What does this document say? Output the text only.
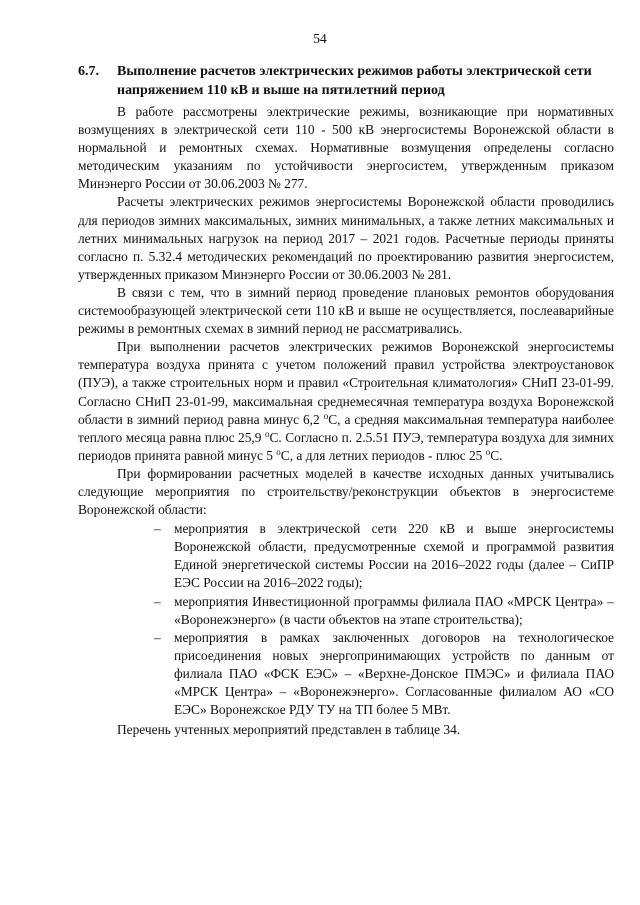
54
6.7. Выполнение расчетов электрических режимов работы электрической сети напряжением 110 кВ и выше на пятилетний период

В работе рассмотрены электрические режимы, возникающие при нормативных возмущениях в электрической сети 110 - 500 кВ энергосистемы Воронежской области в нормальной и ремонтных схемах. Нормативные возмущения определены согласно методическим указаниям по устойчивости энергосистем, утвержденным приказом Минэнерго России от 30.06.2003 № 277.

Расчеты электрических режимов энергосистемы Воронежской области проводились для периодов зимних максимальных, зимних минимальных, а также летних максимальных и летних минимальных нагрузок на период 2017 – 2021 годов. Расчетные периоды приняты согласно п. 5.32.4 методических рекомендаций по проектированию развития энергосистем, утвержденных приказом Минэнерго России от 30.06.2003 № 281.

В связи с тем, что в зимний период проведение плановых ремонтов оборудования системообразующей электрической сети 110 кВ и выше не осуществляется, послеаварийные режимы в ремонтных схемах в зимний период не рассматривались.

При выполнении расчетов электрических режимов Воронежской энергосистемы температура воздуха принята с учетом положений правил устройства электроустановок (ПУЭ), а также строительных норм и правил «Строительная климатология» СНиП 23-01-99. Согласно СНиП 23-01-99, максимальная среднемесячная температура воздуха Воронежской области в зимний период равна минус 6,2 $^o$C, а средняя максимальная температура наиболее теплого месяца равна плюс 25,9 $^o$C. Согласно п. 2.5.51 ПУЭ, температура воздуха для зимних периодов принята равной минус 5 $^o$C, а для летних периодов - плюс 25 $^o$C.

При формировании расчетных моделей в качестве исходных данных учитывались следующие мероприятия по строительству/реконструкции объектов в энергосистеме Воронежской области:

– мероприятия в электрической сети 220 кВ и выше энергосистемы Воронежской области, предусмотренные схемой и программой развития Единой энергетической системы России на 2016–2022 годы (далее – СиПР ЕЭС России на 2016–2022 годы);
– мероприятия Инвестиционной программы филиала ПАО «МРСК Центра» – «Воронежэнерго» (в части объектов на этапе строительства);
– мероприятия в рамках заключенных договоров на технологическое присоединения новых энергопринимающих устройств по данным от филиала ПАО «ФСК ЕЭС» – «Верхне-Донское ПМЭС» и филиала ПАО «МРСК Центра» – «Воронежэнерго». Согласованные филиалом АО «СО ЕЭС» Воронежское РДУ ТУ на ТП более 5 МВт.

Перечень учтенных мероприятий представлен в таблице 34.
